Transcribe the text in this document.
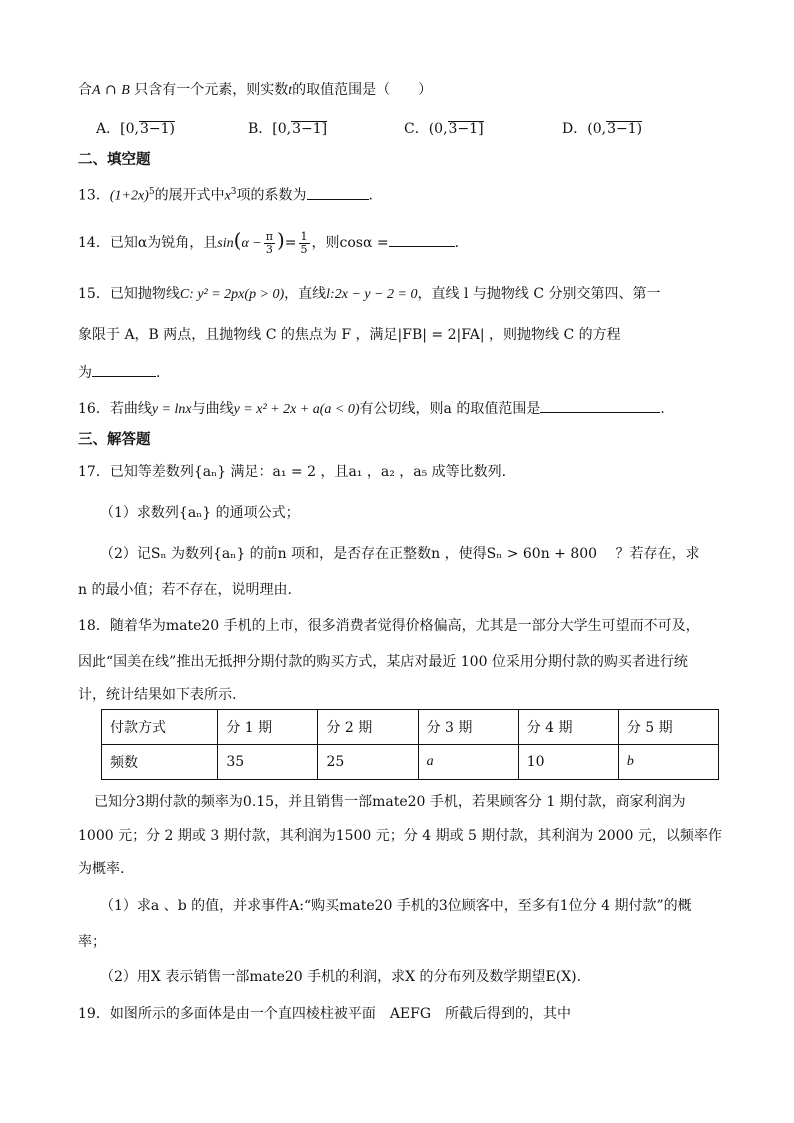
合A ∩ B 只含有一个元素，则实数t的取值范围是（　　）
A．[0,3−1)	B．[0,3−1]	C．(0,3−1]	D．(0,3−1)
二、填空题
13．$(1+2x)^5$的展开式中$x^3$项的系数为	.
14．已知α为锐角，且$\sin(\alpha - \frac{\pi}{3}$ )= $\frac{1}{5}$ ，则cosα =	.
15．已知抛物线C: y² = 2px(p > 0)，直线l:2x − y − 2 = 0，直线 l 与抛物线 C 分别交第四、第一
象限于 A，B 两点，且抛物线 C 的焦点为 F ，满足|FB| = 2|FA| ，则抛物线 C 的方程
为	.
16．若曲线y = lnx与曲线y = x² + 2x + a(a < 0)有公切线，则a 的取值范围是	.
三、解答题
17．已知等差数列{aₙ} 满足：a₁ = 2 ，且a₁ ，a₂ ，a₅ 成等比数列.
（1）求数列{aₙ} 的通项公式；
（2）记Sₙ 为数列{aₙ} 的前n 项和，是否存在正整数n ，使得Sₙ > 60n + 800 　？若存在，求
n 的最小值；若不存在，说明理由.
18．随着华为mate20 手机的上市，很多消费者觉得价格偏高，尤其是一部分大学生可望而不可及，
因此“国美在线”推出无抵押分期付款的购买方式，某店对最近 100 位采用分期付款的购买者进行统
计，统计结果如下表所示.
付款方式	分 1 期	分 2 期	分 3 期	分 4 期	分 5 期
频数	35	25	a	10	b
已知分3期付款的频率为0.15，并且销售一部mate20 手机，若果顾客分 1 期付款，商家利润为
1000 元；分 2 期或 3 期付款，其利润为1500 元；分 4 期或 5 期付款，其利润为 2000 元，以频率作
为概率.
（1）求a 、b 的值，并求事件A:“购买mate20 手机的3位顾客中，至多有1位分 4 期付款”的概
率；
（2）用X 表示销售一部mate20 手机的利润，求X 的分布列及数学期望E(X).
19．如图所示的多面体是由一个直四棱柱被平面　AEFG　所截后得到的，其中
